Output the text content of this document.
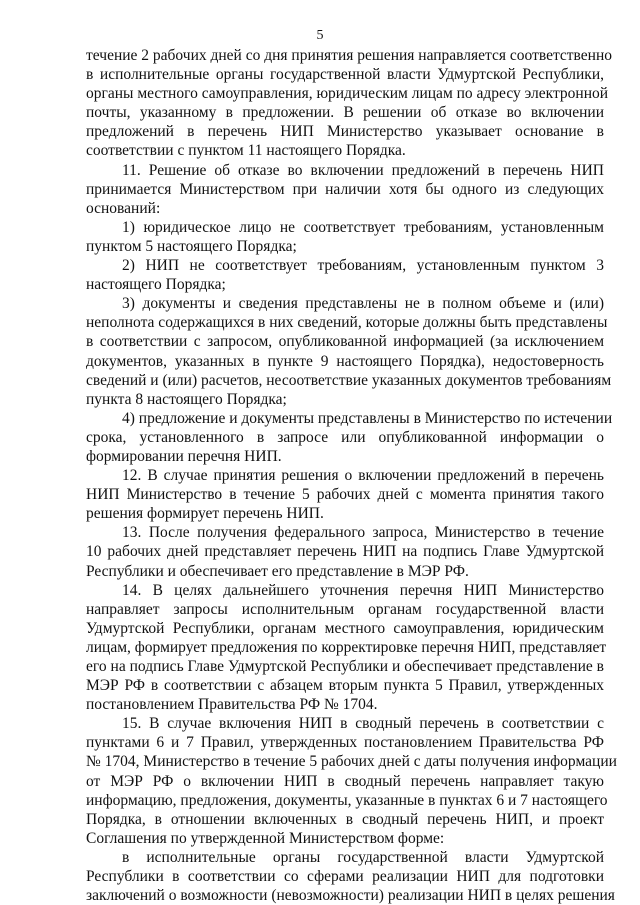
5

течение 2 рабочих дней со дня принятия решения направляется соответственно
в исполнительные органы государственной власти Удмуртской Республики,
органы местного самоуправления, юридическим лицам по адресу электронной
почты, указанному в предложении. В решении об отказе во включении
предложений в перечень НИП Министерство указывает основание в
соответствии с пунктом 11 настоящего Порядка.

11. Решение об отказе во включении предложений в перечень НИП
принимается Министерством при наличии хотя бы одного из следующих
оснований:

1) юридическое лицо не соответствует требованиям, установленным
пунктом 5 настоящего Порядка;

2) НИП не соответствует требованиям, установленным пунктом 3
настоящего Порядка;

3) документы и сведения представлены не в полном объеме и (или)
неполнота содержащихся в них сведений, которые должны быть представлены
в соответствии с запросом, опубликованной информацией (за исключением
документов, указанных в пункте 9 настоящего Порядка), недостоверность
сведений и (или) расчетов, несоответствие указанных документов требованиям
пункта 8 настоящего Порядка;

4) предложение и документы представлены в Министерство по истечении
срока, установленного в запросе или опубликованной информации о
формировании перечня НИП.

12. В случае принятия решения о включении предложений в перечень
НИП Министерство в течение 5 рабочих дней с момента принятия такого
решения формирует перечень НИП.

13. После получения федерального запроса, Министерство в течение
10 рабочих дней представляет перечень НИП на подпись Главе Удмуртской
Республики и обеспечивает его представление в МЭР РФ.

14. В целях дальнейшего уточнения перечня НИП Министерство
направляет запросы исполнительным органам государственной власти
Удмуртской Республики, органам местного самоуправления, юридическим
лицам, формирует предложения по корректировке перечня НИП, представляет
его на подпись Главе Удмуртской Республики и обеспечивает представление в
МЭР РФ в соответствии с абзацем вторым пункта 5 Правил, утвержденных
постановлением Правительства РФ № 1704.

15. В случае включения НИП в сводный перечень в соответствии с
пунктами 6 и 7 Правил, утвержденных постановлением Правительства РФ
№ 1704, Министерство в течение 5 рабочих дней с даты получения информации
от МЭР РФ о включении НИП в сводный перечень направляет такую
информацию, предложения, документы, указанные в пунктах 6 и 7 настоящего
Порядка, в отношении включенных в сводный перечень НИП, и проект
Соглашения по утвержденной Министерством форме:

в исполнительные органы государственной власти Удмуртской
Республики в соответствии со сферами реализации НИП для подготовки
заключений о возможности (невозможности) реализации НИП в целях решения
